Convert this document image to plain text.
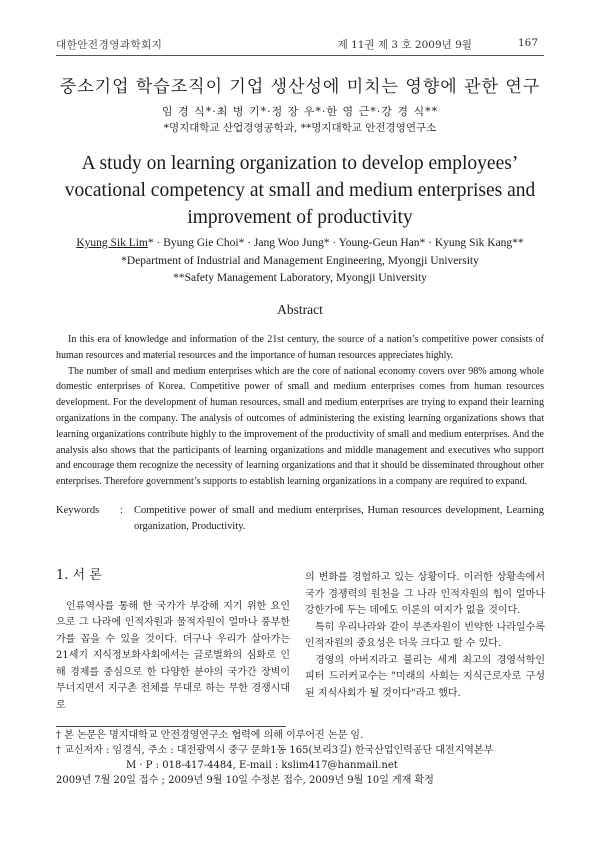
대한안전경영과학회지	제 11권 제 3 호 2009년 9월	167
중소기업 학습조직이 기업 생산성에 미치는 영향에 관한 연구
임 경 식*·최 병 기*·정 장 우*·한 영 근*·강 경 식**
*명지대학교 산업경영공학과, **명지대학교 안전경영연구소
A study on learning organization to develop employees’
vocational competency at small and medium enterprises and
improvement of productivity
Kyung Sik Lim* · Byung Gie Choi* · Jang Woo Jung* · Young-Geun Han* · Kyung Sik Kang**
*Department of Industrial and Management Engineering, Myongji University
**Safety Management Laboratory, Myongji University
Abstract

In this era of knowledge and information of the 21st century, the source of a nation’s competitive power consists of human resources and material resources and the importance of human resources appreciates highly.

The number of small and medium enterprises which are the core of national economy covers over 98% among whole domestic enterprises of Korea. Competitive power of small and medium enterprises comes from human resources development. For the development of human resources, small and medium enterprises are trying to expand their learning organizations in the company. The analysis of outcomes of administering the existing learning organizations shows that learning organizations contribute highly to the improvement of the productivity of small and medium enterprises. And the analysis also shows that the participants of learning organizations and middle management and executives who support and encourage them recognize the necessity of learning organizations and that it should be disseminated throughout other enterprises. Therefore government’s supports to establish learning organizations in a company are required to expand.

Keywords	:	Competitive power of small and medium enterprises, Human resources development, Learning organization, Productivity.
1. 서 론

인류역사를 통해 한 국가가 부강해 지기 위한 요인으로 그 나라에 인적자원과 물적자원이 얼마나 풍부한가를 꼽을 수 있을 것이다. 더구나 우리가 살아가는 21세기 지식정보화사회에서는 글로벌화의 심화로 인해 경제를 중심으로 한 다양한 분야의 국가간 장벽이 무너지면서 지구촌 전체를 무대로 하는 무한 경쟁시대로

의 변화를 경험하고 있는 상황이다. 이러한 상황속에서 국가 경쟁력의 원천을 그 나라 인적자원의 힘이 얼마나 강한가에 두는 데에도 이론의 여지가 없을 것이다.

특히 우리나라와 같이 부존자원이 빈약한 나라일수록 인적자원의 중요성은 더욱 크다고 할 수 있다.

경영의 아버지라고 불리는 세계 최고의 경영석학인 피터 드러커교수는 "미래의 사회는 지식근로자로 구성된 지식사회가 될 것이다"라고 했다.

† 본 논문은 명지대학교 안전경영연구소 협력에 의해 이루어진 논문 임.
† 교신저자 : 임경식, 주소 : 대전광역시 중구 문화1동 165(보리3길) 한국산업인력공단 대전지역본부
M · P : 018-417-4484, E-mail : kslim417@hanmail.net
2009년 7월 20일 접수 ; 2009년 9월 10일 수정본 접수, 2009년 9월 10일 게재 확정
